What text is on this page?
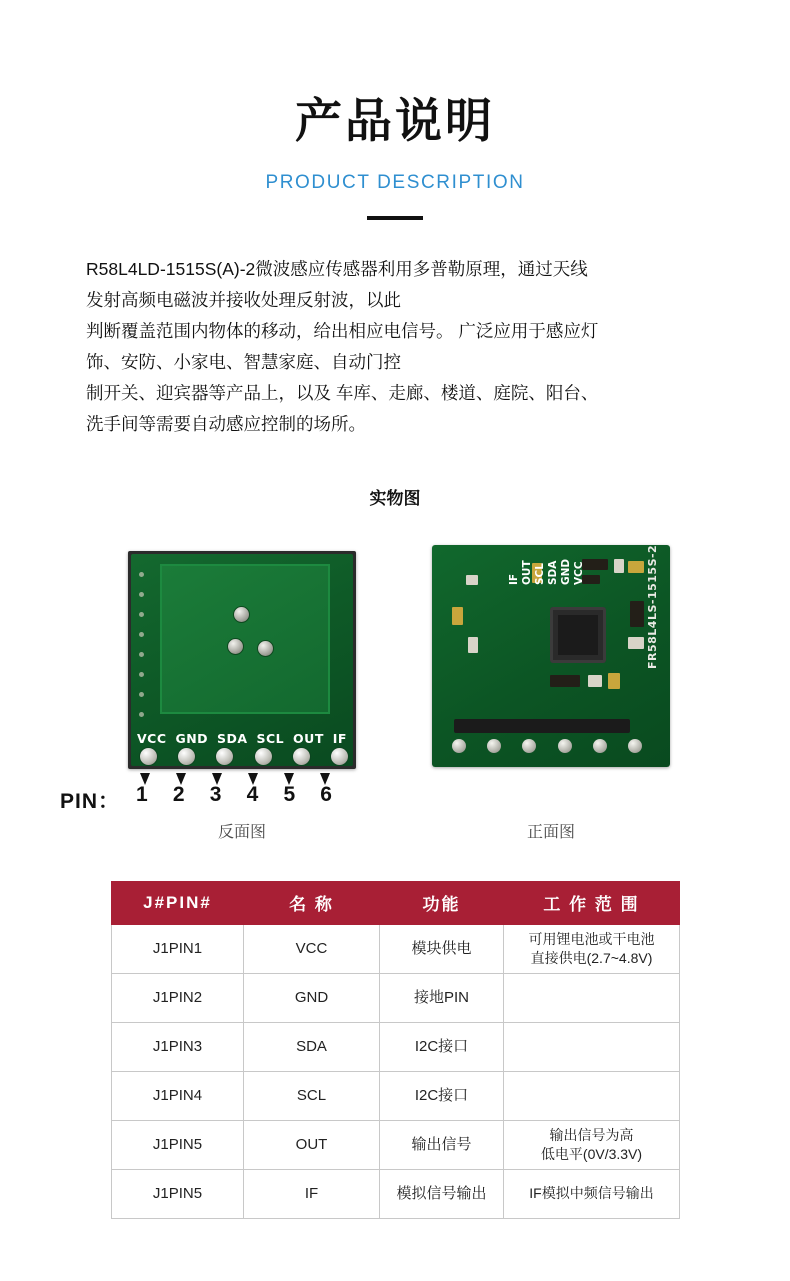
产品说明
PRODUCT DESCRIPTION

R58L4LD-1515S(A)-2微波感应传感器利用多普勒原理，通过天线

发射高频电磁波并接收处理反射波，以此

判断覆盖范围内物体的移动，给出相应电信号。 广泛应用于感应灯

饰、安防、小家电、智慧家庭、自动门控

制开关、迎宾器等产品上，以及 车库、走廊、楼道、庭院、阳台、

洗手间等需要自动感应控制的场所。

实物图
VCC GND SDA SCL OUT IF
PIN： 1 2 3 4 5 6
反面图
FR58L4LS-1515S-2
IF
OUT
SCL
SDA
GND
VCC
正面图
J#PIN#	名 称	功能	工 作 范 围
J1PIN1	VCC	模块供电	可用锂电池或干电池
直接供电(2.7~4.8V)
J1PIN2	GND	接地PIN	
J1PIN3	SDA	I2C接口	
J1PIN4	SCL	I2C接口	
J1PIN5	OUT	输出信号	输出信号为高
低电平(0V/3.3V)
J1PIN5	IF	模拟信号输出	IF模拟中频信号输出
